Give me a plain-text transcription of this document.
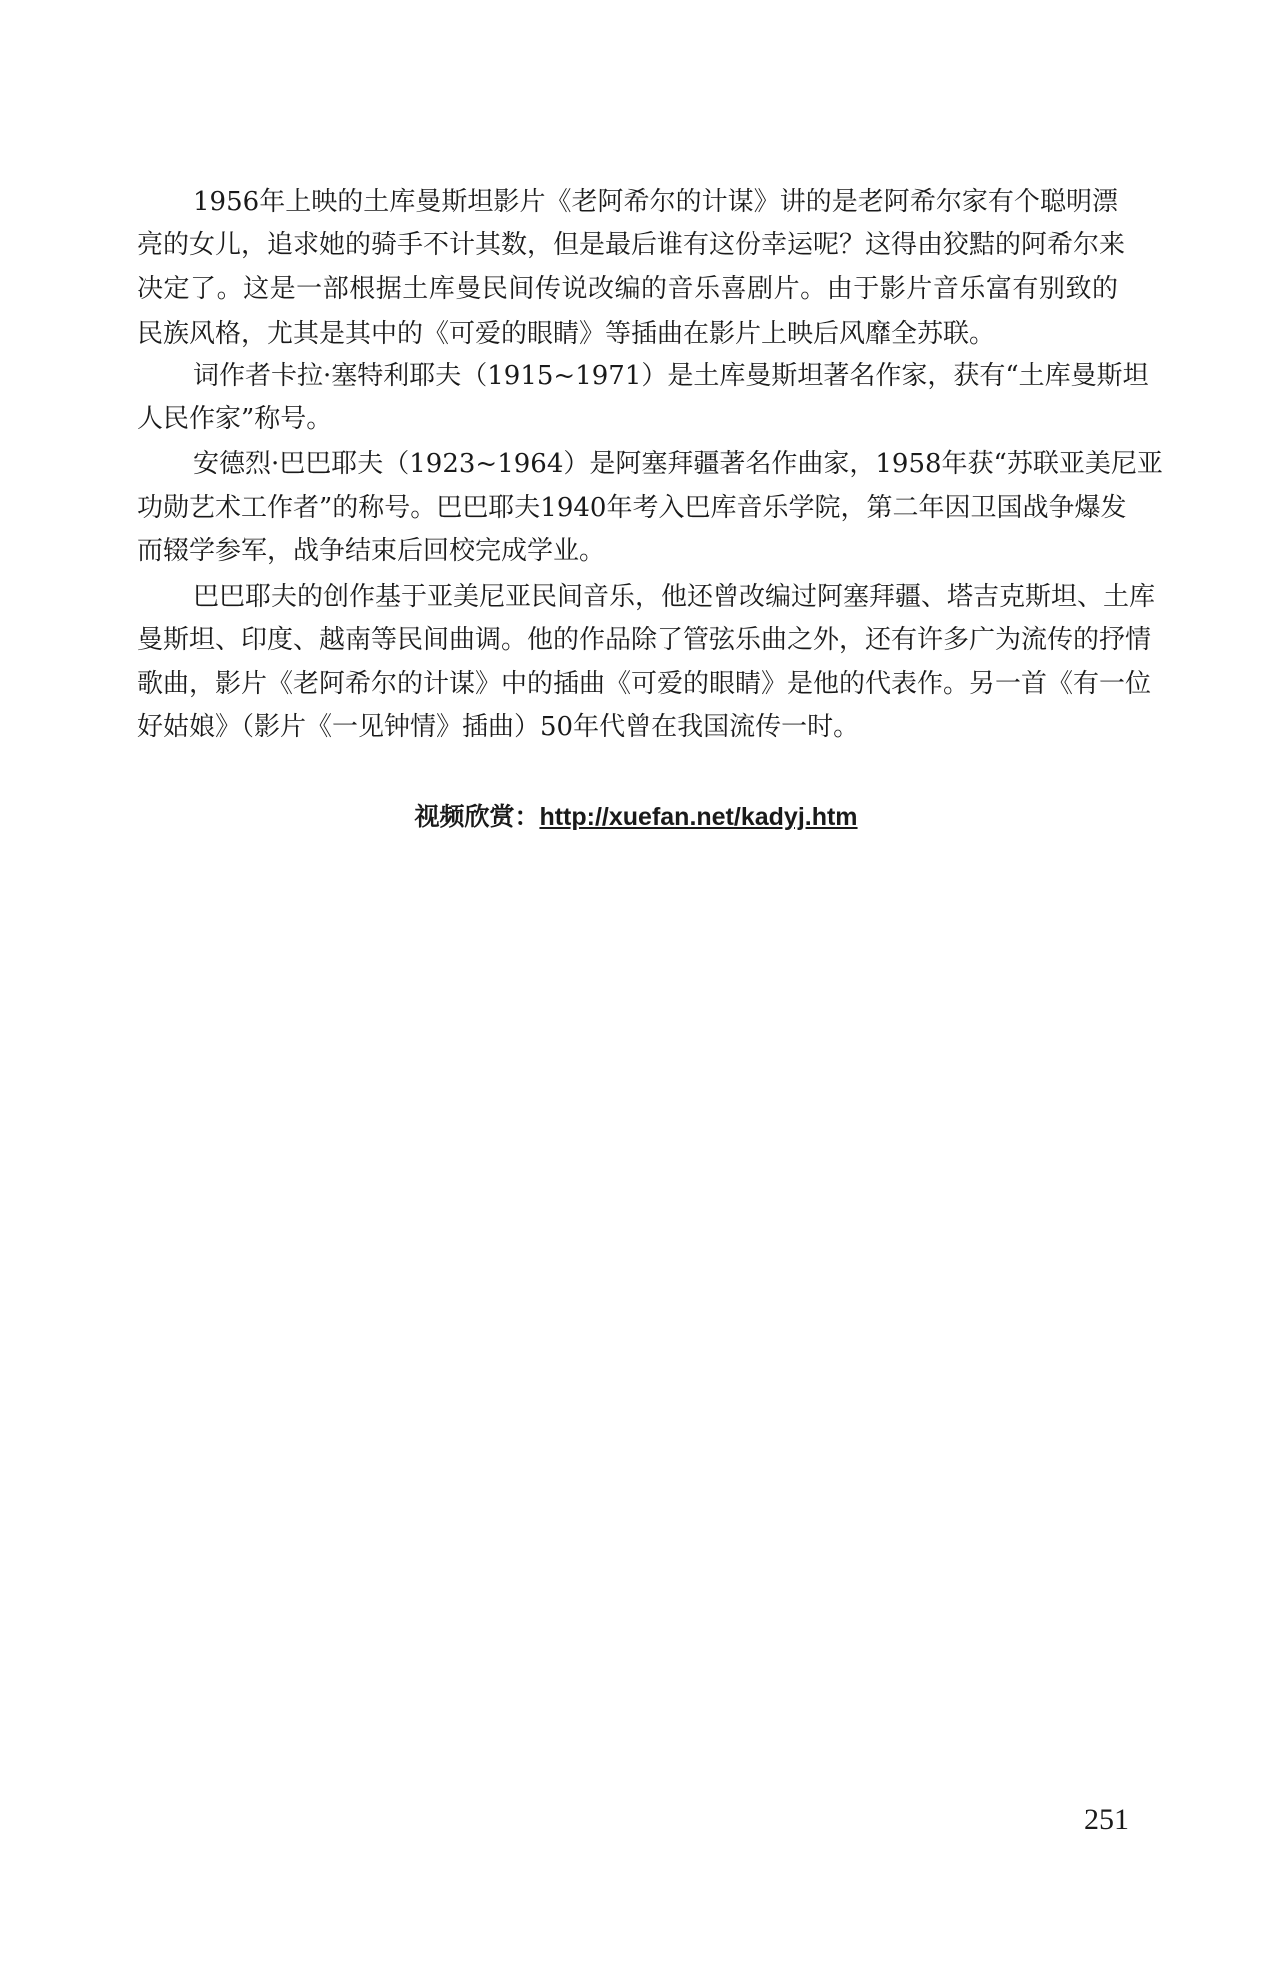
1956年上映的土库曼斯坦影片《老阿希尔的计谋》讲的是老阿希尔家有个聪明漂
亮的女儿，追求她的骑手不计其数，但是最后谁有这份幸运呢？这得由狡黠的阿希尔来
决定了。这是一部根据土库曼民间传说改编的音乐喜剧片。由于影片音乐富有别致的
民族风格，尤其是其中的《可爱的眼睛》等插曲在影片上映后风靡全苏联。
词作者卡拉·塞特利耶夫（1915~1971）是土库曼斯坦著名作家，获有“土库曼斯坦
人民作家”称号。
安德烈·巴巴耶夫（1923~1964）是阿塞拜疆著名作曲家，1958年获“苏联亚美尼亚
功勋艺术工作者”的称号。巴巴耶夫1940年考入巴库音乐学院，第二年因卫国战争爆发
而辍学参军，战争结束后回校完成学业。
巴巴耶夫的创作基于亚美尼亚民间音乐，他还曾改编过阿塞拜疆、塔吉克斯坦、土库
曼斯坦、印度、越南等民间曲调。他的作品除了管弦乐曲之外，还有许多广为流传的抒情
歌曲，影片《老阿希尔的计谋》中的插曲《可爱的眼睛》是他的代表作。另一首《有一位
好姑娘》（影片《一见钟情》插曲）50年代曾在我国流传一时。
视频欣赏：http://xuefan.net/kadyj.htm
251
